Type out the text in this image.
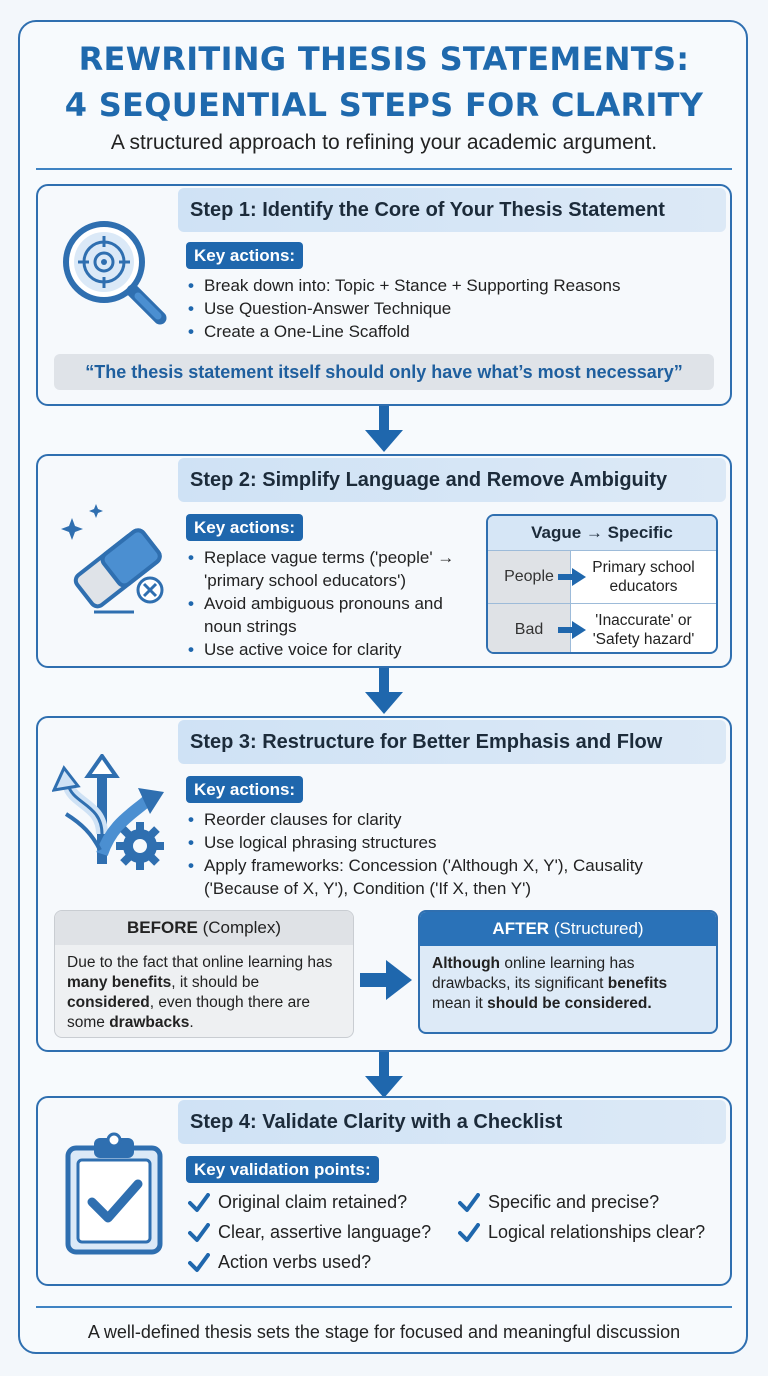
REWRITING THESIS STATEMENTS:
4 SEQUENTIAL STEPS FOR CLARITY
A structured approach to refining your academic argument.
Step 1: Identify the Core of Your Thesis Statement
Key actions:
• Break down into: Topic + Stance + Supporting Reasons
• Use Question-Answer Technique
• Create a One-Line Scaffold
“The thesis statement itself should only have what’s most necessary”
Step 2: Simplify Language and Remove Ambiguity
Key actions:
• Replace vague terms ('people' → 'primary school educators')
• Avoid ambiguous pronouns and noun strings
• Use active voice for clarity
Vague → Specific
People
Primary school educators
Bad
'Inaccurate' or 'Safety hazard'
Step 3: Restructure for Better Emphasis and Flow
Key actions:
• Reorder clauses for clarity
• Use logical phrasing structures
• Apply frameworks: Concession ('Although X, Y'), Causality ('Because of X, Y'), Condition ('If X, then Y')
BEFORE
(Complex)
Due to the fact that online learning has many benefits, it should be considered, even though there are some drawbacks.
AFTER
(Structured)
Although online learning has drawbacks, its significant benefits mean it should be considered.
Step 4: Validate Clarity with a Checklist
Key validation points:
Original claim retained?	Specific and precise?
Clear, assertive language?	Logical relationships clear?
Action verbs used?
A well-defined thesis sets the stage for focused and meaningful discussion
